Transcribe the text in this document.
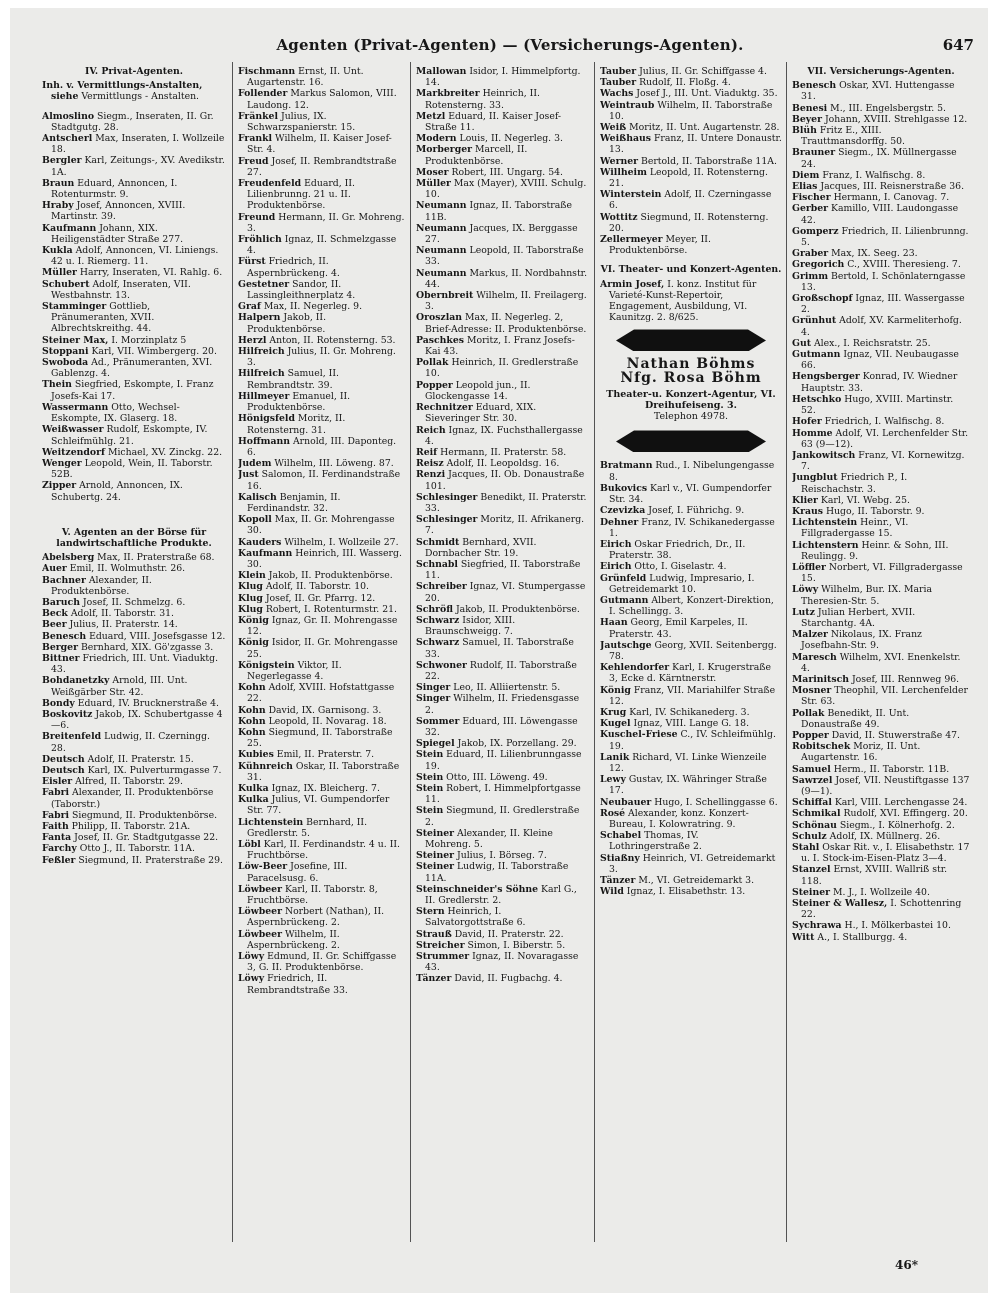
Agenten (Privat-Agenten) — (Versicherungs-Agenten).	647
IV. Privat-Agenten.
Inh. v. Vermittlungs-Anstalten, siehe Vermittlungs - Anstalten.
Almoslino Siegm., Inseraten, II. Gr. Stadtgutg. 28.
Antscherl Max, Inseraten, I. Wollzeile 18.
Bergler Karl, Zeitungs-, XV. Avedikstr. 1A.
Braun Eduard, Annoncen, I. Rotenturmstr. 9.
Hraby Josef, Annoncen, XVIII. Martinstr. 39.
Kaufmann Johann, XIX. Heiligenstädter Straße 277.
Kukla Adolf, Annoncen, VI. Liniengs. 42 u. I. Riemerg. 11.
Müller Harry, Inseraten, VI. Rahlg. 6.
Schubert Adolf, Inseraten, VII. Westbahnstr. 13.
Stamminger Gottlieb, Pränumeranten, XVII. Albrechtskreithg. 44.
Steiner Max, I. Morzinplatz 5
Stoppani Karl, VII. Wimbergerg. 20.
Swoboda Ad., Pränumeranten, XVI. Gablenzg. 4.
Thein Siegfried, Eskompte, I. Franz Josefs-Kai 17.
Wassermann Otto, Wechsel-Eskompte, IX. Glaserg. 18.
Weißwasser Rudolf, Eskompte, IV. Schleifmühlg. 21.
Weitzendorf Michael, XV. Zinckg. 22.
Wenger Leopold, Wein, II. Taborstr. 52B.
Zipper Arnold, Annoncen, IX. Schubertg. 24.
V. Agenten an der Börse für landwirtschaftliche Produkte.
Abelsberg Max, II. Praterstraße 68.
Auer Emil, II. Wolmuthstr. 26.
Bachner Alexander, II. Produktenbörse.
Baruch Josef, II. Schmelzg. 6.
Beck Adolf, II. Taborstr. 31.
Beer Julius, II. Praterstr. 14.
Benesch Eduard, VIII. Josefsgasse 12.
Berger Bernhard, XIX. Gö'zgasse 3.
Bittner Friedrich, III. Unt. Viaduktg. 43.
Bohdanetzky Arnold, III. Unt. Weißgärber Str. 42.
Bondy Eduard, IV. Brucknerstraße 4.
Boskovitz Jakob, IX. Schubertgasse 4—6.
Breitenfeld Ludwig, II. Czerningg. 28.
Deutsch Adolf, II. Praterstr. 15.
Deutsch Karl, IX. Pulverturmgasse 7.
Eisler Alfred, II. Taborstr. 29.
Fabri Alexander, II. Produktenbörse (Taborstr.)
Fabri Siegmund, II. Produktenbörse.
Faith Philipp, II. Taborstr. 21A.
Fanta Josef, II. Gr. Stadtgutgasse 22.
Farchy Otto J., II. Taborstr. 11A.
Feßler Siegmund, II. Praterstraße 29.
Fischmann Ernst, II. Unt. Augartenstr. 16.
Follender Markus Salomon, VIII. Laudong. 12.
Fränkel Julius, IX. Schwarzspanierstr. 15.
Frankl Wilhelm, II. Kaiser Josef-Str. 4.
Freud Josef, II. Rembrandtstraße 27.
Freudenfeld Eduard, II. Lilienbrunng. 21 u. II. Produktenbörse.
Freund Hermann, II. Gr. Mohreng. 3.
Fröhlich Ignaz, II. Schmelzgasse 4.
Fürst Friedrich, II. Aspernbrückeng. 4.
Gestetner Sandor, II. Lassingleithnerplatz 4.
Graf Max, II. Negerleg. 9.
Halpern Jakob, II. Produktenbörse.
Herzl Anton, II. Rotensterng. 53.
Hilfreich Julius, II. Gr. Mohreng. 3.
Hilfreich Samuel, II. Rembrandtstr. 39.
Hillmeyer Emanuel, II. Produktenbörse.
Hönigsfeld Moritz, II. Rotensterng. 31.
Hoffmann Arnold, III. Daponteg. 6.
Judem Wilhelm, III. Löweng. 87.
Just Salomon, II. Ferdinandstraße 16.
Kalisch Benjamin, II. Ferdinandstr. 32.
Kopoll Max, II. Gr. Mohrengasse 30.
Kauders Wilhelm, I. Wollzeile 27.
Kaufmann Heinrich, III. Wasserg. 30.
Klein Jakob, II. Produktenbörse.
Klug Adolf, II. Taborstr. 10.
Klug Josef, II. Gr. Pfarrg. 12.
Klug Robert, I. Rotenturmstr. 21.
König Ignaz, Gr. II. Mohrengasse 12.
König Isidor, II. Gr. Mohrengasse 25.
Königstein Viktor, II. Negerlegasse 4.
Kohn Adolf, XVIII. Hofstattgasse 22.
Kohn David, IX. Garnisong. 3.
Kohn Leopold, II. Novarag. 18.
Kohn Siegmund, II. Taborstraße 25.
Kubies Emil, II. Praterstr. 7.
Kühnreich Oskar, II. Taborstraße 31.
Kulka Ignaz, IX. Bleicherg. 7.
Kulka Julius, VI. Gumpendorfer Str. 77.
Lichtenstein Bernhard, II. Gredlerstr. 5.
Löbl Karl, II. Ferdinandstr. 4 u. II. Fruchtbörse.
Löw-Beer Josefine, III. Paracelsusg. 6.
Löwbeer Karl, II. Taborstr. 8, Fruchtbörse.
Löwbeer Norbert (Nathan), II. Aspernbrückeng. 2.
Löwbeer Wilhelm, II. Aspernbrückeng. 2.
Löwy Edmund, II. Gr. Schiffgasse 3, G. II. Produktenbörse.
Löwy Friedrich, II. Rembrandtstraße 33.
Mallowan Isidor, I. Himmelpfortg. 14.
Markbreiter Heinrich, II. Rotensterng. 33.
Metzl Eduard, II. Kaiser Josef-Straße 11.
Modern Louis, II. Negerleg. 3.
Morberger Marcell, II. Produktenbörse.
Moser Robert, III. Ungarg. 54.
Müller Max (Mayer), XVIII. Schulg. 10.
Neumann Ignaz, II. Taborstraße 11B.
Neumann Jacques, IX. Berggasse 27.
Neumann Leopold, II. Taborstraße 33.
Neumann Markus, II. Nordbahnstr. 44.
Obernbreit Wilhelm, II. Freilagerg. 3.
Oroszlan Max, II. Negerleg. 2, Brief-Adresse: II. Produktenbörse.
Paschkes Moritz, I. Franz Josefs-Kai 43.
Pollak Heinrich, II. Gredlerstraße 10.
Popper Leopold jun., II. Glockengasse 14.
Rechnitzer Eduard, XIX. Sieveringer Str. 30.
Reich Ignaz, IX. Fuchsthallergasse 4.
Reif Hermann, II. Praterstr. 58.
Reisz Adolf, II. Leopoldsg. 16.
Renzi Jacques, II. Ob. Donaustraße 101.
Schlesinger Benedikt, II. Praterstr. 33.
Schlesinger Moritz, II. Afrikanerg. 7.
Schmidt Bernhard, XVII. Dornbacher Str. 19.
Schnabl Siegfried, II. Taborstraße 11.
Schreiber Ignaz, VI. Stumpergasse 20.
Schröfl Jakob, II. Produktenbörse.
Schwarz Isidor, XIII. Braunschweigg. 7.
Schwarz Samuel, II. Taborstraße 33.
Schwoner Rudolf, II. Taborstraße 22.
Singer Leo, II. Alliiertenstr. 5.
Singer Wilhelm, II. Friedensgasse 2.
Sommer Eduard, III. Löwengasse 32.
Spiegel Jakob, IX. Porzellang. 29.
Stein Eduard, II. Lilienbrunngasse 19.
Stein Otto, III. Löweng. 49.
Stein Robert, I. Himmelpfortgasse 11.
Stein Siegmund, II. Gredlerstraße 2.
Steiner Alexander, II. Kleine Mohreng. 5.
Steiner Julius, I. Börseg. 7.
Steiner Ludwig, II. Taborstraße 11A.
Steinschneider's Söhne Karl G., II. Gredlerstr. 2.
Stern Heinrich, I. Salvatorgottstraße 6.
Strauß David, II. Praterstr. 22.
Streicher Simon, I. Biberstr. 5.
Strummer Ignaz, II. Novaragasse 43.
Tänzer David, II. Fugbachg. 4.
Tauber Julius, II. Gr. Schiffgasse 4.
Tauber Rudolf, II. Floßg. 4.
Wachs Josef J., III. Unt. Viaduktg. 35.
Weintraub Wilhelm, II. Taborstraße 10.
Weiß Moritz, II. Unt. Augartenstr. 28.
Weißhaus Franz, II. Untere Donaustr. 13.
Werner Bertold, II. Taborstraße 11A.
Willheim Leopold, II. Rotensterng. 21.
Winterstein Adolf, II. Czerningasse 6.
Wottitz Siegmund, II. Rotensterng. 20.
Zellermeyer Meyer, II. Produktenbörse.
VI. Theater- und Konzert-Agenten.
Armin Josef, I. konz. Institut für Varieté-Kunst-Repertoir, Engagement, Ausbildung, VI. Kaunitzg. 2. 8/625.
Nathan Böhms
Nfg. Rosa Böhm
Theater-u. Konzert-Agentur, VI. Dreihufeisеng. 3.
Telephon 4978.
Bratmann Rud., I. Nibelungengasse 8.
Bukovics Karl v., VI. Gumpendorfer Str. 34.
Czevizka Josef, I. Führichg. 9.
Dehner Franz, IV. Schikanedergasse 1.
Eirich Oskar Friedrich, Dr., II. Praterstr. 38.
Eirich Otto, I. Giselastr. 4.
Grünfeld Ludwig, Impresario, I. Getreidemarkt 10.
Gutmann Albert, Konzert-Direktion, I. Schellingg. 3.
Haan Georg, Emil Karpeles, II. Praterstr. 43.
Jautschge Georg, XVII. Seitenbergg. 78.
Kehlendorfer Karl, I. Krugerstraße 3, Ecke d. Kärntnerstr.
König Franz, VII. Mariahilfer Straße 12.
Krug Karl, IV. Schikanederg. 3.
Kugel Ignaz, VIII. Lange G. 18.
Kuschel-Friese C., IV. Schleifmühlg. 19.
Lanik Richard, VI. Linke Wienzeile 12.
Lewy Gustav, IX. Währinger Straße 17.
Neubauer Hugo, I. Schellinggasse 6.
Rosé Alexander, konz. Konzert-Bureau, I. Kolowratring. 9.
Schabel Thomas, IV. Lothringerstraße 2.
Stiaßny Heinrich, VI. Getreidemarkt 3.
Tänzer M., VI. Getreidemarkt 3.
Wild Ignaz, I. Elisabethstr. 13.
VII. Versicherungs-Agenten.
Benesch Oskar, XVI. Huttengasse 31.
Benesi M., III. Engelsbergstr. 5.
Beyer Johann, XVIII. Strehlgasse 12.
Blüh Fritz E., XIII. Trauttmansdorffg. 50.
Brauner Siegm., IX. Müllnergasse 24.
Diem Franz, I. Walfischg. 8.
Elias Jacques, III. Reisnerstraße 36.
Fischer Hermann, I. Canovag. 7.
Gerber Kamillo, VIII. Laudongasse 42.
Gomperz Friedrich, II. Lilienbrunng. 5.
Graber Max, IX. Seeg. 23.
Gregorich C., XVIII. Theresieng. 7.
Grimm Bertold, I. Schönlaterngasse 13.
Großschopf Ignaz, III. Wassergasse 2.
Grünhut Adolf, XV. Karmeliterhofg. 4.
Gut Alex., I. Reichsratstr. 25.
Gutmann Ignaz, VII. Neubaugasse 66.
Hengsberger Konrad, IV. Wiedner Hauptstr. 33.
Hetschko Hugo, XVIII. Martinstr. 52.
Hofer Friedrich, I. Walfischg. 8.
Homme Adolf, VI. Lerchenfelder Str. 63 (9—12).
Jankowitsch Franz, VI. Kornewitzg. 7.
Jungblut Friedrich P., I. Reischachstr. 3.
Klier Karl, VI. Webg. 25.
Kraus Hugo, II. Taborstr. 9.
Lichtenstein Heinr., VI. Fillgradergasse 15.
Lichtenstern Heinr. & Sohn, III. Reulingg. 9.
Löffler Norbert, VI. Fillgradergasse 15.
Löwy Wilhelm, Bur. IX. Maria Theresien-Str. 5.
Lutz Julian Herbert, XVII. Starchantg. 4A.
Malzer Nikolaus, IX. Franz Josefbahn-Str. 9.
Maresch Wilhelm, XVI. Enenkelstr. 4.
Marinitsch Josef, III. Rennweg 96.
Mosner Theophil, VII. Lerchenfelder Str. 63.
Pollak Benedikt, II. Unt. Donaustraße 49.
Popper David, II. Stuwerstraße 47.
Robitschek Moriz, II. Unt. Augartenstr. 16.
Samuel Herm., II. Taborstr. 11B.
Sawrzel Josef, VII. Neustiftgasse 137 (9—1).
Schiffal Karl, VIII. Lerchengasse 24.
Schmikal Rudolf, XVI. Effingerg. 20.
Schönau Siegm., I. Kölnerhofg. 2.
Schulz Adolf, IX. Müllnerg. 26.
Stahl Oskar Rit. v., I. Elisabethstr. 17 u. I. Stock-im-Eisen-Platz 3—4.
Stanzel Ernst, XVIII. Wallriß str. 118.
Steiner M. J., I. Wollzeile 40.
Steiner & Wallesz, I. Schottenring 22.
Sychrawa H., I. Mölkerbastei 10.
Witt A., I. Stallburgg. 4.
46*
